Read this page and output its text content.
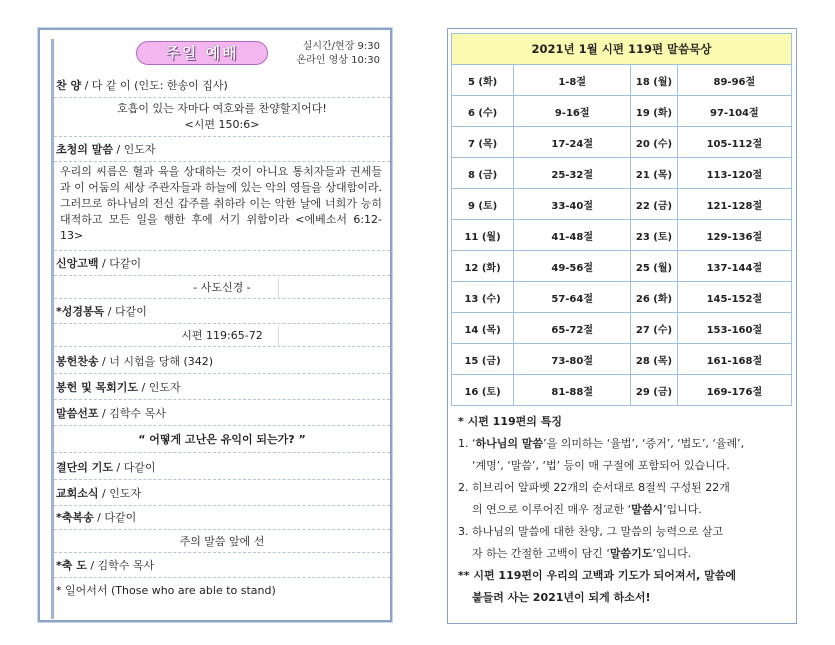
주일 예배	실시간/현장 9:30
온라인 영상 10:30
찬 양 / 다 같 이 (인도: 한송이 집사)
호흡이 있는 자마다 여호와를 찬양할지어다!
<시편 150:6>
초청의 말씀 / 인도자
우리의 씨름은 혈과 육을 상대하는 것이 아니요 통치자들과 권세들과 이 어둠의 세상 주관자들과 하늘에 있는 악의 영들을 상대함이라. 그러므로 하나님의 전신 갑주를 취하라 이는 악한 날에 너희가 능히 대적하고 모든 일을 행한 후에 서기 위함이라 <에베소서 6:12-13>
신앙고백 / 다같이
- 사도신경 -
*성경봉독 / 다같이
시편 119:65-72
봉헌찬송 / 너 시험을 당해 (342)
봉헌 및 목회기도 / 인도자
말씀선포 / 김학수 목사
“ 어떻게 고난은 유익이 되는가? ”
결단의 기도 / 다같이
교회소식 / 인도자
*축복송 / 다같이
주의 말씀 앞에 선
*축 도 / 김학수 목사
* 일어서서 (Those who are able to stand)
2021년 1월 시편 119편 말씀묵상			
5 (화)	1-8절	18 (월)	89-96절
6 (수)	9-16절	19 (화)	97-104절
7 (목)	17-24절	20 (수)	105-112절
8 (금)	25-32절	21 (목)	113-120절
9 (토)	33-40절	22 (금)	121-128절
11 (월)	41-48절	23 (토)	129-136절
12 (화)	49-56절	25 (월)	137-144절
13 (수)	57-64절	26 (화)	145-152절
14 (목)	65-72절	27 (수)	153-160절
15 (금)	73-80절	28 (목)	161-168절
16 (토)	81-88절	29 (금)	169-176절

* 시편 119편의 특징

1. ‘하나님의 말씀’을 의미하는 ‘율법’, ‘증거’, ‘법도’, ‘율례’,

‘계명’, ‘말씀’, ‘법’ 등이 매 구절에 포함되어 있습니다.

2. 히브리어 알파벳 22개의 순서대로 8절씩 구성된 22개

의 연으로 이루어진 매우 정교한 ‘말씀시’입니다.

3. 하나님의 말씀에 대한 찬양, 그 말씀의 능력으로 살고

자 하는 간절한 고백이 담긴 ‘말씀기도’입니다.

** 시편 119편이 우리의 고백과 기도가 되어져서, 말씀에

붙들려 사는 2021년이 되게 하소서!
